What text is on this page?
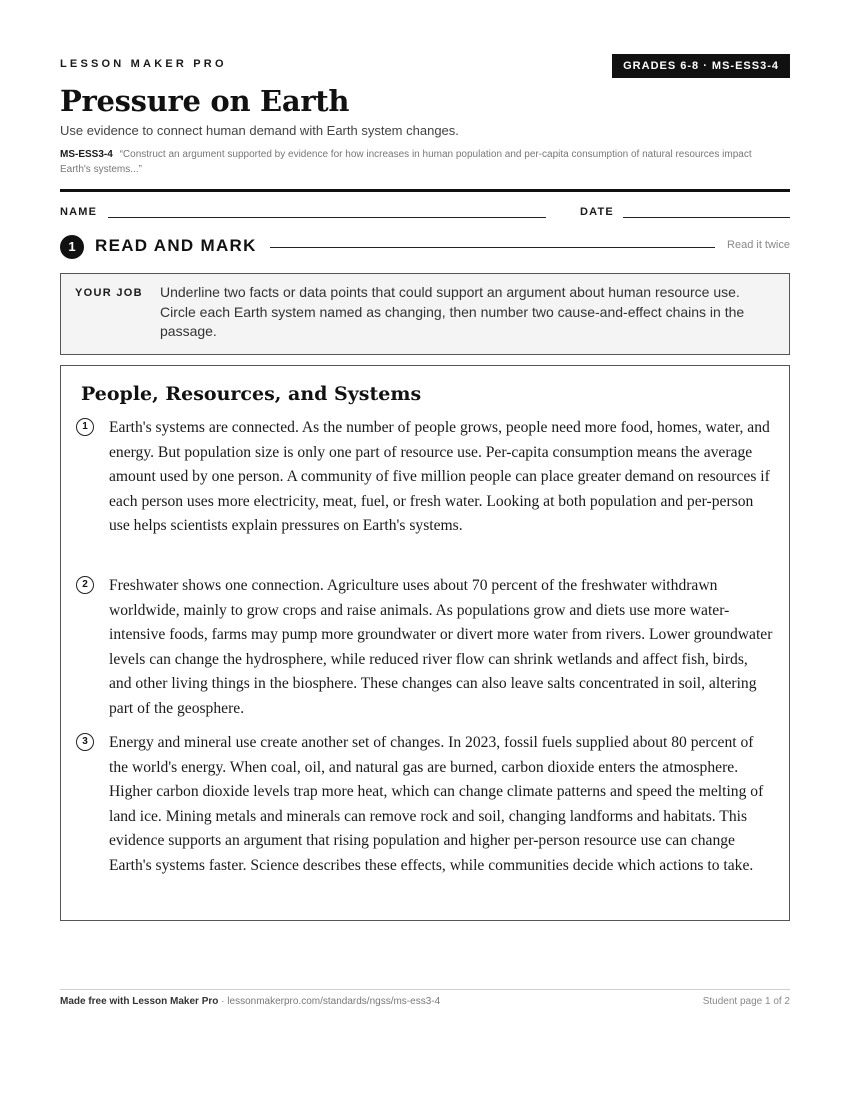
LESSON MAKER PRO	GRADES 6-8 · MS-ESS3-4
Pressure on Earth
Use evidence to connect human demand with Earth system changes.
MS-ESS3-4 “Construct an argument supported by evidence for how increases in human population and per-capita consumption of natural resources impact Earth's systems...”
NAME	DATE
1	READ AND MARK	Read it twice
YOUR JOB Underline two facts or data points that could support an argument about human resource use. Circle each Earth system named as changing, then number two cause-and-effect chains in the passage.
People, Resources, and Systems
1	Earth's systems are connected. As the number of people grows, people need more food, homes, water, and energy. But population size is only one part of resource use. Per-capita consumption means the average amount used by one person. A community of five million people can place greater demand on resources if each person uses more electricity, meat, fuel, or fresh water. Looking at both population and per-person use helps scientists explain pressures on Earth's systems.
2	Freshwater shows one connection. Agriculture uses about 70 percent of the freshwater withdrawn worldwide, mainly to grow crops and raise animals. As populations grow and diets use more water-intensive foods, farms may pump more groundwater or divert more water from rivers. Lower groundwater levels can change the hydrosphere, while reduced river flow can shrink wetlands and affect fish, birds, and other living things in the biosphere. These changes can also leave salts concentrated in soil, altering part of the geosphere.
3	Energy and mineral use create another set of changes. In 2023, fossil fuels supplied about 80 percent of the world's energy. When coal, oil, and natural gas are burned, carbon dioxide enters the atmosphere. Higher carbon dioxide levels trap more heat, which can change climate patterns and speed the melting of land ice. Mining metals and minerals can remove rock and soil, changing landforms and habitats. This evidence supports an argument that rising population and higher per-person resource use can change Earth's systems faster. Science describes these effects, while communities decide which actions to take.
Made free with Lesson Maker Pro · lessonmakerpro.com/standards/ngss/ms-ess3-4	Student page 1 of 2
